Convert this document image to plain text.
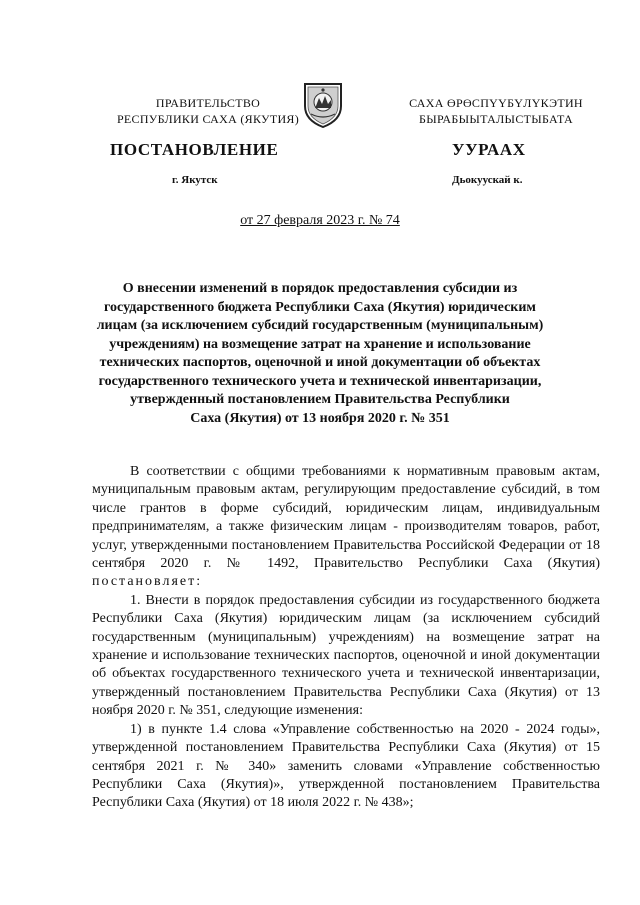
ПРАВИТЕЛЬСТВО
РЕСПУБЛИКИ САХА (ЯКУТИЯ)
САХА ӨРӨСПҮҮБҮЛҮКЭТИН
БЫРАБЫЫТАЛЫСТЫБАТА
ПОСТАНОВЛЕНИЕ	УУРААХ
г. Якутск	Дьокуускай к.
от 27 февраля 2023 г. № 74
О внесении изменений в порядок предоставления субсидии из
государственного бюджета Республики Саха (Якутия) юридическим
лицам (за исключением субсидий государственным (муниципальным)
учреждениям) на возмещение затрат на хранение и использование
технических паспортов, оценочной и иной документации об объектах
государственного технического учета и технической инвентаризации,
утвержденный постановлением Правительства Республики
Саха (Якутия) от 13 ноября 2020 г. № 351

В соответствии с общими требованиями к нормативным правовым актам, муниципальным правовым актам, регулирующим предоставление субсидий, в том числе грантов в форме субсидий, юридическим лицам, индивидуальным предпринимателям, а также физическим лицам - производителям товаров, работ, услуг, утвержденными постановлением Правительства Российской Федерации от 18 сентября 2020 г. № 1492, Правительство Республики Саха (Якутия) постановляет:

1. Внести в порядок предоставления субсидии из государственного бюджета Республики Саха (Якутия) юридическим лицам (за исключением субсидий государственным (муниципальным) учреждениям) на возмещение затрат на хранение и использование технических паспортов, оценочной и иной документации об объектах государственного технического учета и технической инвентаризации, утвержденный постановлением Правительства Республики Саха (Якутия) от 13 ноября 2020 г. № 351, следующие изменения:

1) в пункте 1.4 слова «Управление собственностью на 2020 - 2024 годы», утвержденной постановлением Правительства Республики Саха (Якутия) от 15 сентября 2021 г. № 340» заменить словами «Управление собственностью Республики Саха (Якутия)», утвержденной постановлением Правительства Республики Саха (Якутия) от 18 июля 2022 г. № 438»;
